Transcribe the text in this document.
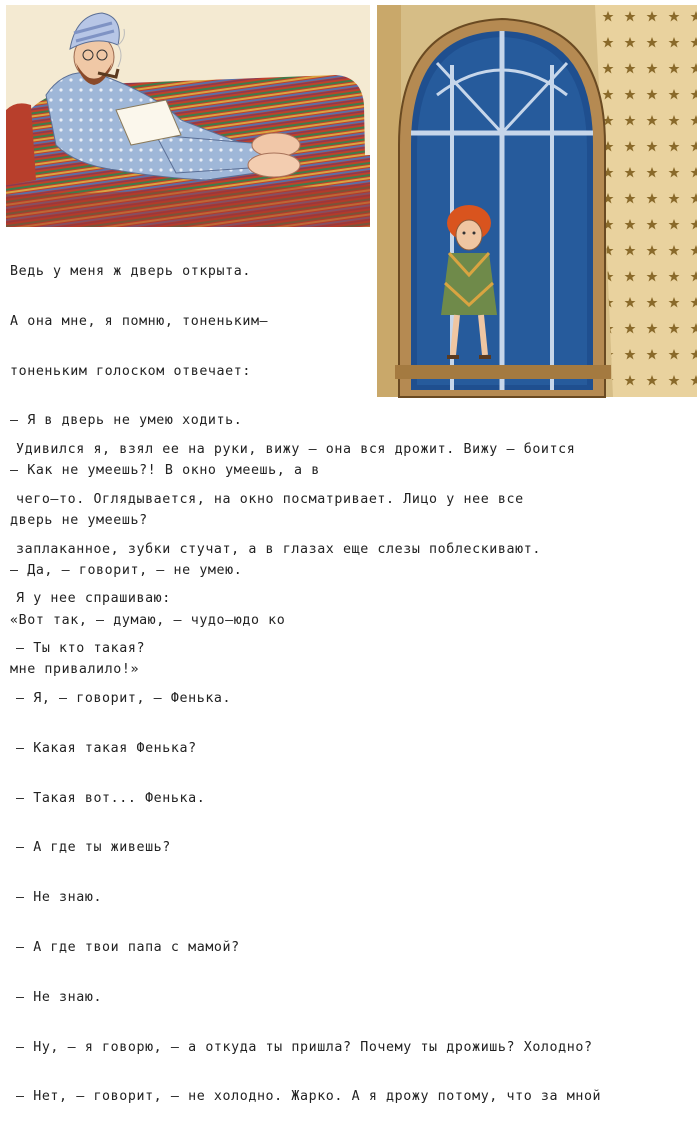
Ведь у меня ж дверь открыта.

А она мне, я помню, тоненьким—

тоненьким голоском отвечает:

— Я в дверь не умею ходить.

— Как не умеешь?! В окно умеешь, а в

дверь не умеешь?

— Да, — говорит, — не умею.

«Вот так, — думаю, — чудо—юдо ко

мне привалило!»

Удивился я, взял ее на руки, вижу — она вся дрожит. Вижу — боится

чего—то. Оглядывается, на окно посматривает. Лицо у нее все

заплаканное, зубки стучат, а в глазах еще слезы поблескивают.

Я у нее спрашиваю:

— Ты кто такая?

— Я, — говорит, — Фенька.

— Какая такая Фенька?

— Такая вот... Фенька.

— А где ты живешь?

— Не знаю.

— А где твои папа с мамой?

— Не знаю.

— Ну, — я говорю, — а откуда ты пришла? Почему ты дрожишь? Холодно?

— Нет, — говорит, — не холодно. Жарко. А я дрожу потому, что за мной
